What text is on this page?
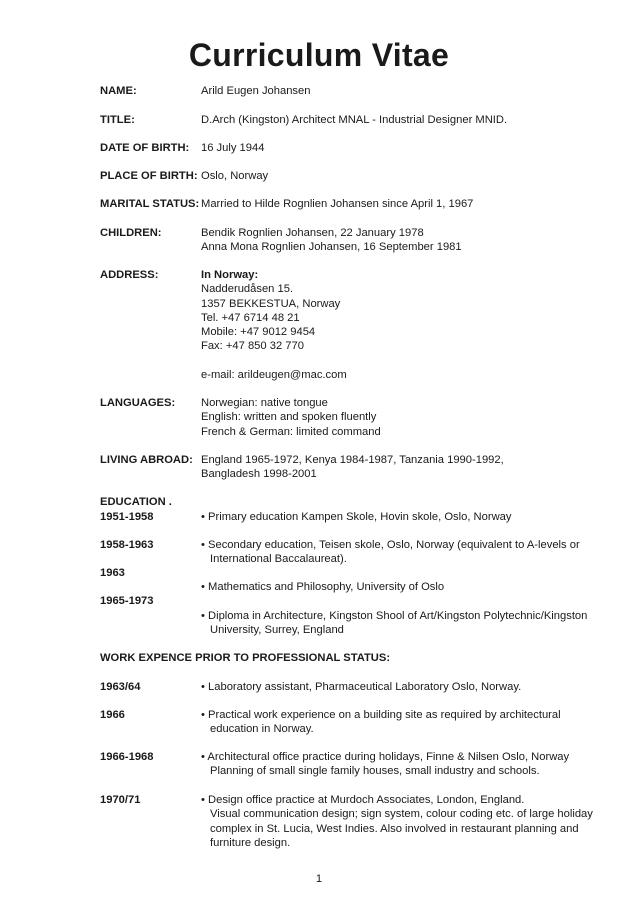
Curriculum Vitae
NAME:	Arild Eugen Johansen
TITLE:	D.Arch (Kingston) Architect MNAL - Industrial Designer MNID.
DATE OF BIRTH: 16 July 1944
PLACE OF BIRTH: Oslo, Norway
MARITAL STATUS: Married to Hilde Rognlien Johansen since April 1, 1967
CHILDREN:	Bendik Rognlien Johansen, 22 January 1978
Anna Mona Rognlien Johansen, 16 September 1981
ADDRESS:	In Norway:
Nadderudåsen 15.
1357 BEKKESTUA, Norway
Tel. +47 6714 48 21
Mobile: +47 9012 9454
Fax: +47 850 32 770
e-mail: arildeugen@mac.com
LANGUAGES: Norwegian: native tongue
English: written and spoken fluently
French & German: limited command
LIVING ABROAD: England 1965-1972, Kenya 1984-1987, Tanzania 1990-1992,
Bangladesh 1998-2001
EDUCATION .
1951-1958	• Primary education Kampen Skole, Hovin skole, Oslo, Norway
1958-1963	• Secondary education, Teisen skole, Oslo, Norway (equivalent to A-levels or
International Baccalaureat).
1963
• Mathematics and Philosophy, University of Oslo
1965-1973
• Diploma in Architecture, Kingston Shool of Art/Kingston Polytechnic/Kingston
University, Surrey, England
WORK EXPENCE PRIOR TO PROFESSIONAL STATUS:
1963/64	• Laboratory assistant, Pharmaceutical Laboratory Oslo, Norway.
1966	• Practical work experience on a building site as required by architectural
education in Norway.
1966-1968	• Architectural office practice during holidays, Finne & Nilsen Oslo, Norway
Planning of small single family houses, small industry and schools.
1970/71	• Design office practice at Murdoch Associates, London, England.
Visual communication design; sign system, colour coding etc. of large holiday
complex in St. Lucia, West Indies. Also involved in restaurant planning and
furniture design.
1
